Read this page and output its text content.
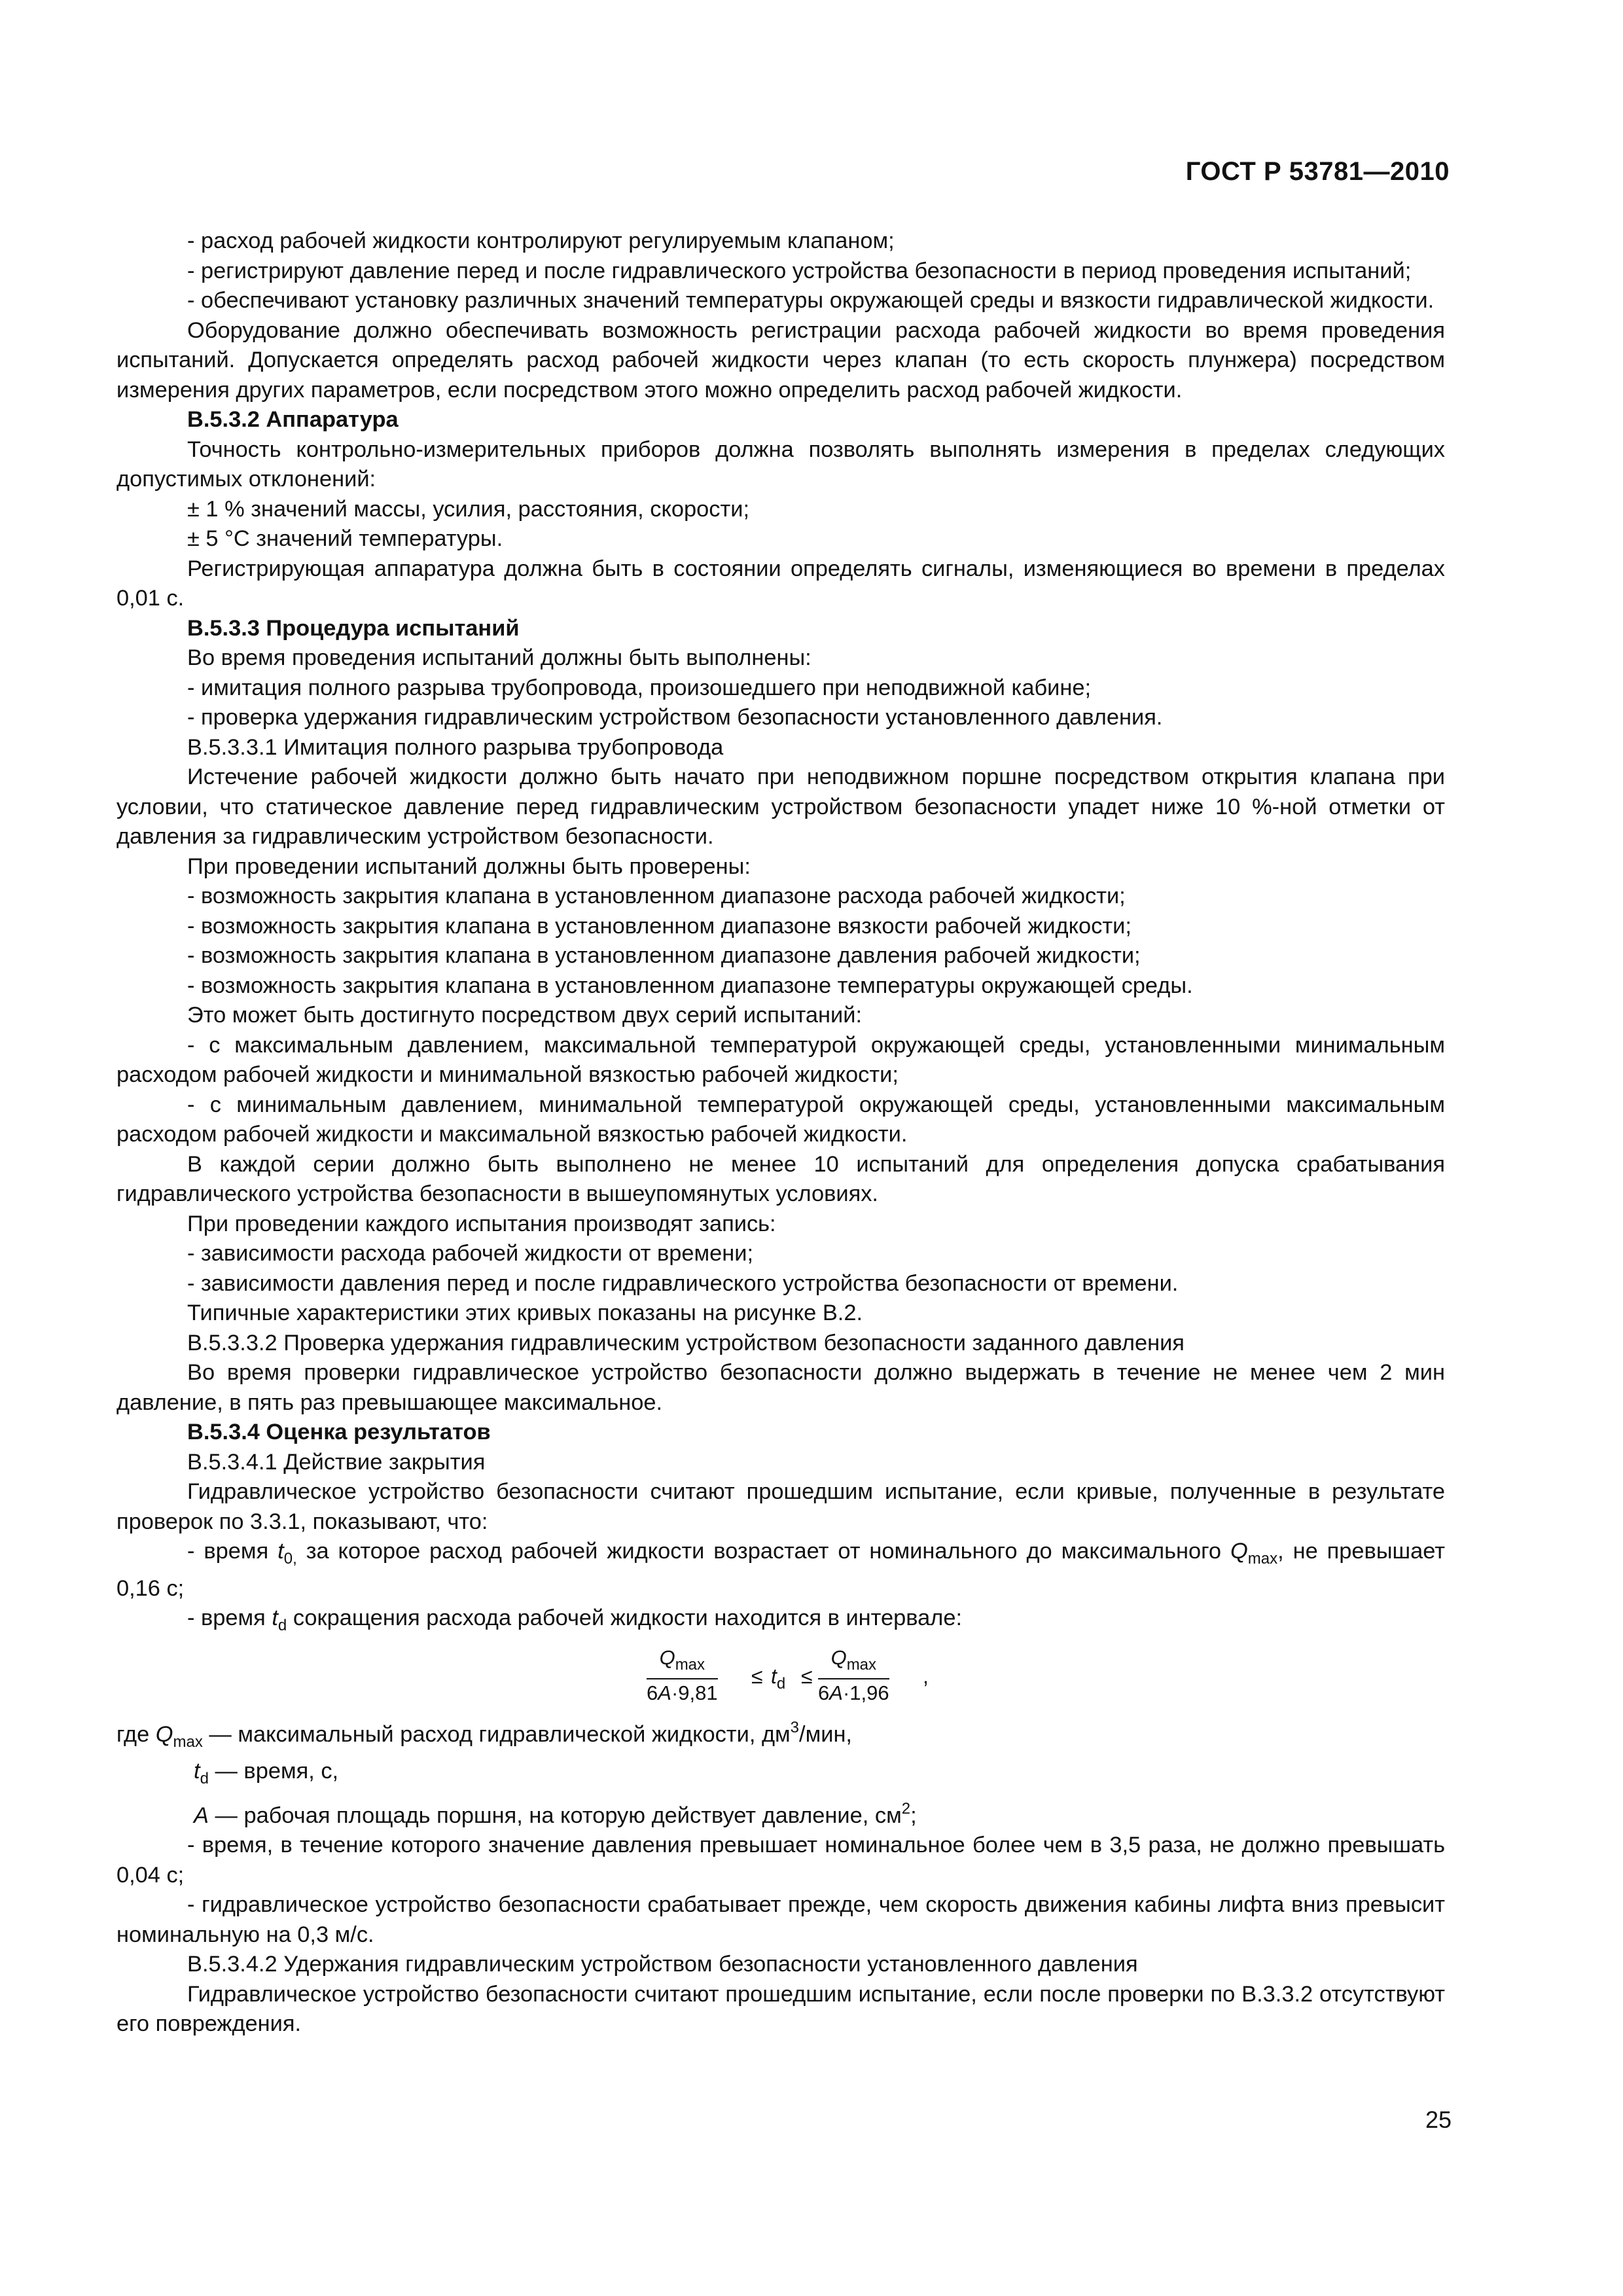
ГОСТ Р 53781—2010

- расход рабочей жидкости контролируют регулируемым клапаном;

- регистрируют давление перед и после гидравлического устройства безопасности в период проведения испытаний;

- обеспечивают установку различных значений температуры окружающей среды и вязкости гидравлической жидкости.

Оборудование должно обеспечивать возможность регистрации расхода рабочей жидкости во время проведения испытаний. Допускается определять расход рабочей жидкости через клапан (то есть скорость плунжера) посредством измерения других параметров, если посредством этого можно определить расход рабочей жидкости.

В.5.3.2 Аппаратура

Точность контрольно-измерительных приборов должна позволять выполнять измерения в пределах следующих допустимых отклонений:

± 1 % значений массы, усилия, расстояния, скорости;

± 5 °С значений температуры.

Регистрирующая аппаратура должна быть в состоянии определять сигналы, изменяющиеся во времени в пределах 0,01 с.

В.5.3.3 Процедура испытаний

Во время проведения испытаний должны быть выполнены:

- имитация полного разрыва трубопровода, произошедшего при неподвижной кабине;

- проверка удержания гидравлическим устройством безопасности установленного давления.

В.5.3.3.1 Имитация полного разрыва трубопровода

Истечение рабочей жидкости должно быть начато при неподвижном поршне посредством открытия клапана при условии, что статическое давление перед гидравлическим устройством безопасности упадет ниже 10 %-ной отметки от давления за гидравлическим устройством безопасности.

При проведении испытаний должны быть проверены:

- возможность закрытия клапана в установленном диапазоне расхода рабочей жидкости;

- возможность закрытия клапана в установленном диапазоне вязкости рабочей жидкости;

- возможность закрытия клапана в установленном диапазоне давления рабочей жидкости;

- возможность закрытия клапана в установленном диапазоне температуры окружающей среды.

Это может быть достигнуто посредством двух серий испытаний:

- с максимальным давлением, максимальной температурой окружающей среды, установленными минимальным расходом рабочей жидкости и минимальной вязкостью рабочей жидкости;

- с минимальным давлением, минимальной температурой окружающей среды, установленными максимальным расходом рабочей жидкости и максимальной вязкостью рабочей жидкости.

В каждой серии должно быть выполнено не менее 10 испытаний для определения допуска срабатывания гидравлического устройства безопасности в вышеупомянутых условиях.

При проведении каждого испытания производят запись:

- зависимости расхода рабочей жидкости от времени;

- зависимости давления перед и после гидравлического устройства безопасности от времени.

Типичные характеристики этих кривых показаны на рисунке В.2.

В.5.3.3.2 Проверка удержания гидравлическим устройством безопасности заданного давления

Во время проверки гидравлическое устройство безопасности должно выдержать в течение не менее чем 2 мин давление, в пять раз превышающее максимальное.

В.5.3.4 Оценка результатов

В.5.3.4.1 Действие закрытия

Гидравлическое устройство безопасности считают прошедшим испытание, если кривые, полученные в результате проверок по 3.3.1, показывают, что:

- время $t_{0,}$ за которое расход рабочей жидкости возрастает от номинального до максимального $Q_{max}$, не превышает 0,16 с;

- время $t_d$ сокращения расхода рабочей жидкости находится в интервале:

$Q_{max}$
6A·9,81
≤ $t_d$ ≤
$Q_{max}$
6A·1,96
,
где $Q_{max}$ — максимальный расход гидравлической жидкости, $дм^3$/мин,
$t_d$ — время, с,
A — рабочая площадь поршня, на которую действует давление, $см^2$;

- время, в течение которого значение давления превышает номинальное более чем в 3,5 раза, не должно превышать 0,04 с;

- гидравлическое устройство безопасности срабатывает прежде, чем скорость движения кабины лифта вниз превысит номинальную на 0,3 м/с.

В.5.3.4.2 Удержания гидравлическим устройством безопасности установленного давления

Гидравлическое устройство безопасности считают прошедшим испытание, если после проверки по В.3.3.2 отсутствуют его повреждения.

25
